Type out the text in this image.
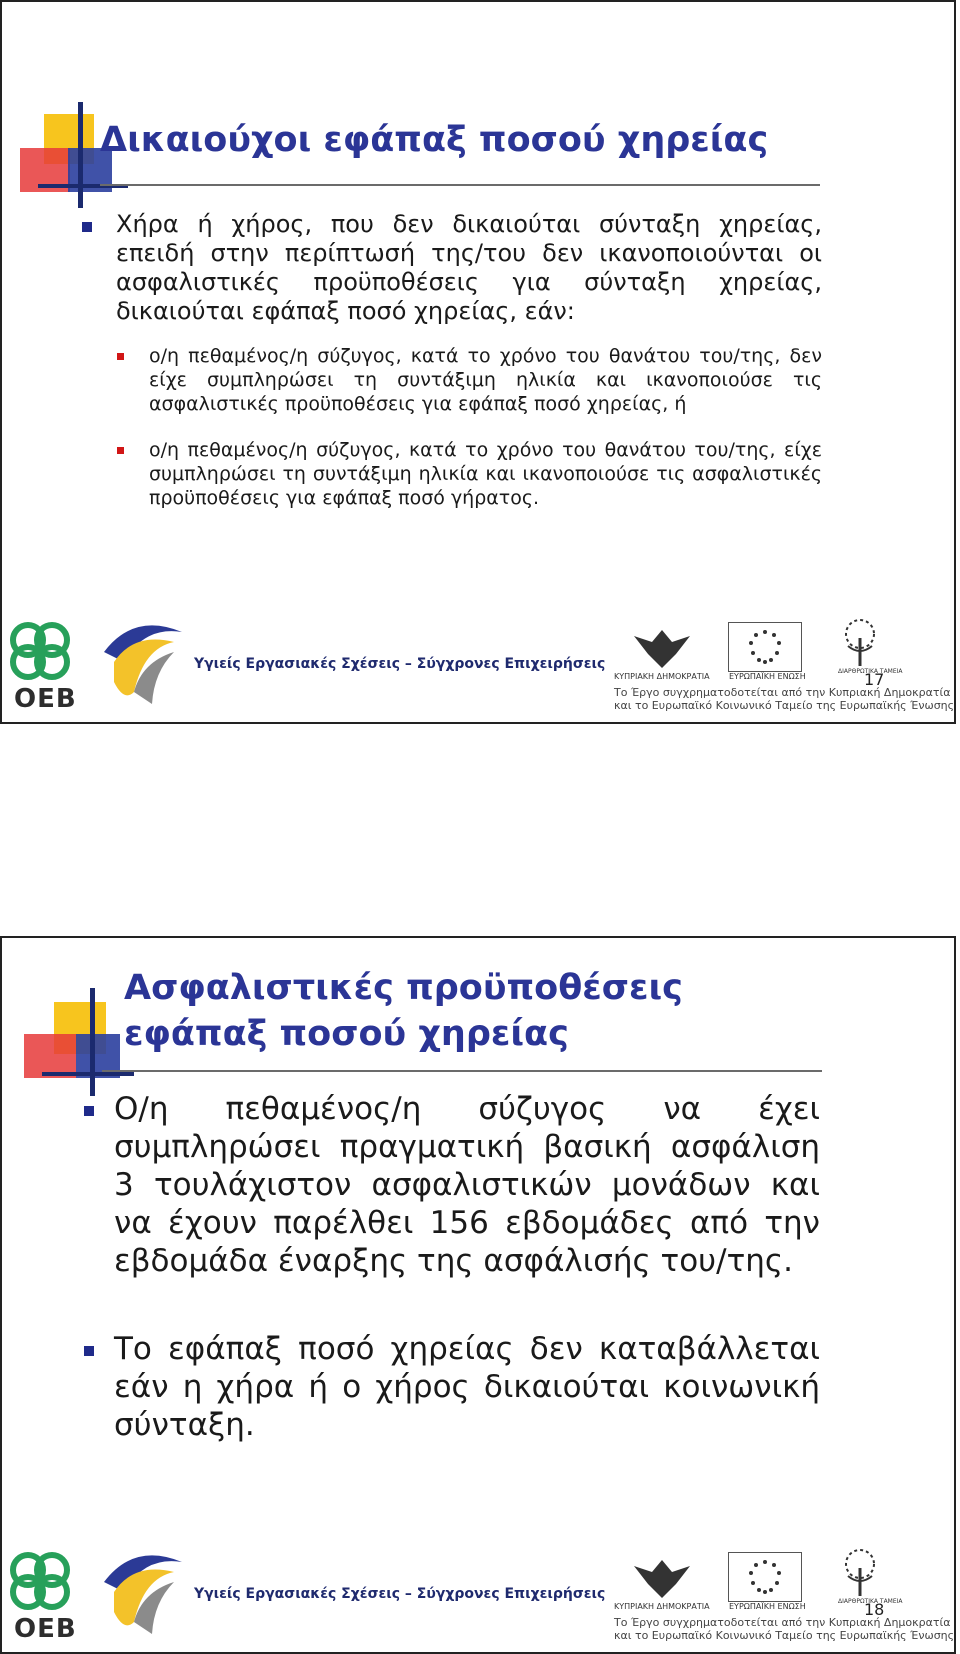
Δικαιούχοι εφάπαξ ποσού χηρείας
Χήρα ή χήρος, που δεν δικαιούται σύνταξη χηρείας, επειδή στην περίπτωσή της/του δεν ικανοποιούνται οι ασφαλιστικές προϋποθέσεις για σύνταξη χηρείας, δικαιούται εφάπαξ ποσό χηρείας, εάν:
ο/η πεθαμένος/η σύζυγος, κατά το χρόνο του θανάτου του/της, δεν είχε συμπληρώσει τη συντάξιμη ηλικία και ικανοποιούσε τις ασφαλιστικές προϋποθέσεις για εφάπαξ ποσό χηρείας, ή
ο/η πεθαμένος/η σύζυγος, κατά το χρόνο του θανάτου του/της, είχε συμπληρώσει τη συντάξιμη ηλικία και ικανοποιούσε τις ασφαλιστικές προϋποθέσεις για εφάπαξ ποσό γήρατος.
OEB
Υγιείς Εργασιακές Σχέσεις – Σύγχρονες Επιχειρήσεις
ΚΥΠΡΙΑΚΗ ΔΗΜΟΚΡΑΤΙΑ ΕΥΡΩΠΑΪΚΗ ΕΝΩΣΗ
ΔΙΑΡΘΡΩΤΙΚΑ ΤΑΜΕΙΑ
Το Έργο συγχρηματοδοτείται από την Κυπριακή Δημοκρατία
και το Ευρωπαϊκό Κοινωνικό Ταμείο της Ευρωπαϊκής Ένωσης
17
Ασφαλιστικές προϋποθέσεις
εφάπαξ ποσού χηρείας
Ο/η πεθαμένος/η σύζυγος να έχει συμπληρώσει πραγματική βασική ασφάλιση 3 τουλάχιστον ασφαλιστικών μονάδων και να έχουν παρέλθει 156 εβδομάδες από την εβδομάδα έναρξης της ασφάλισής του/της.
Το εφάπαξ ποσό χηρείας δεν καταβάλλεται εάν η χήρα ή ο χήρος δικαιούται κοινωνική σύνταξη.
OEB
Υγιείς Εργασιακές Σχέσεις – Σύγχρονες Επιχειρήσεις
ΚΥΠΡΙΑΚΗ ΔΗΜΟΚΡΑΤΙΑ ΕΥΡΩΠΑΪΚΗ ΕΝΩΣΗ
ΔΙΑΡΘΡΩΤΙΚΑ ΤΑΜΕΙΑ
Το Έργο συγχρηματοδοτείται από την Κυπριακή Δημοκρατία
και το Ευρωπαϊκό Κοινωνικό Ταμείο της Ευρωπαϊκής Ένωσης
18
